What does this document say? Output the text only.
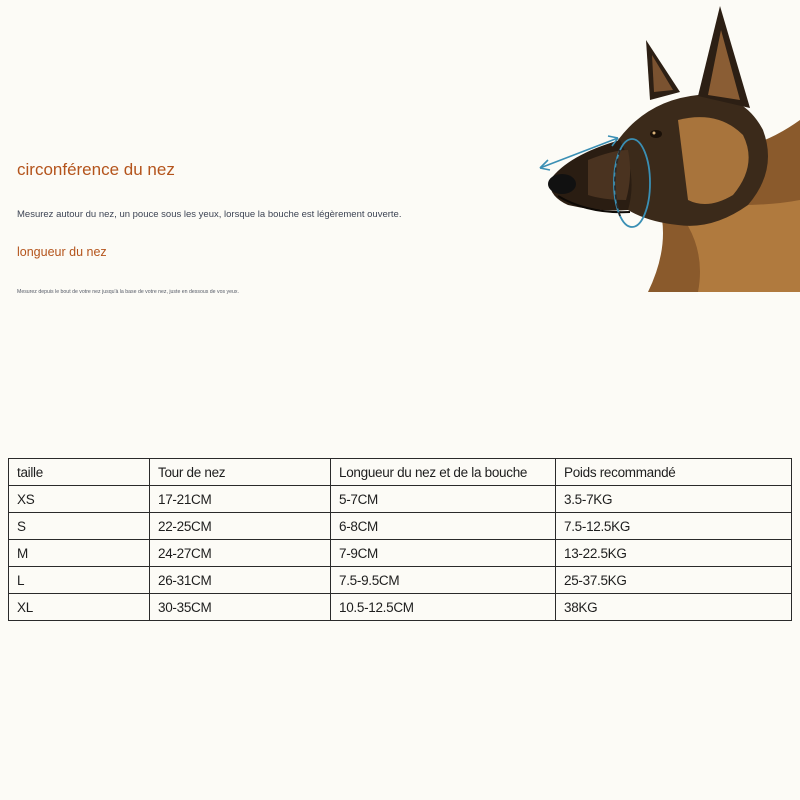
circonférence du nez

Mesurez autour du nez, un pouce sous les yeux, lorsque la bouche est légèrement ouverte.

longueur du nez

Mesurez depuis le bout de votre nez jusqu'à la base de votre nez, juste en dessous de vos yeux.

taille	Tour de nez	Longueur du nez et de la bouche	Poids recommandé
XS	17-21CM	5-7CM	3.5-7KG
S	22-25CM	6-8CM	7.5-12.5KG
M	24-27CM	7-9CM	13-22.5KG
L	26-31CM	7.5-9.5CM	25-37.5KG
XL	30-35CM	10.5-12.5CM	38KG
